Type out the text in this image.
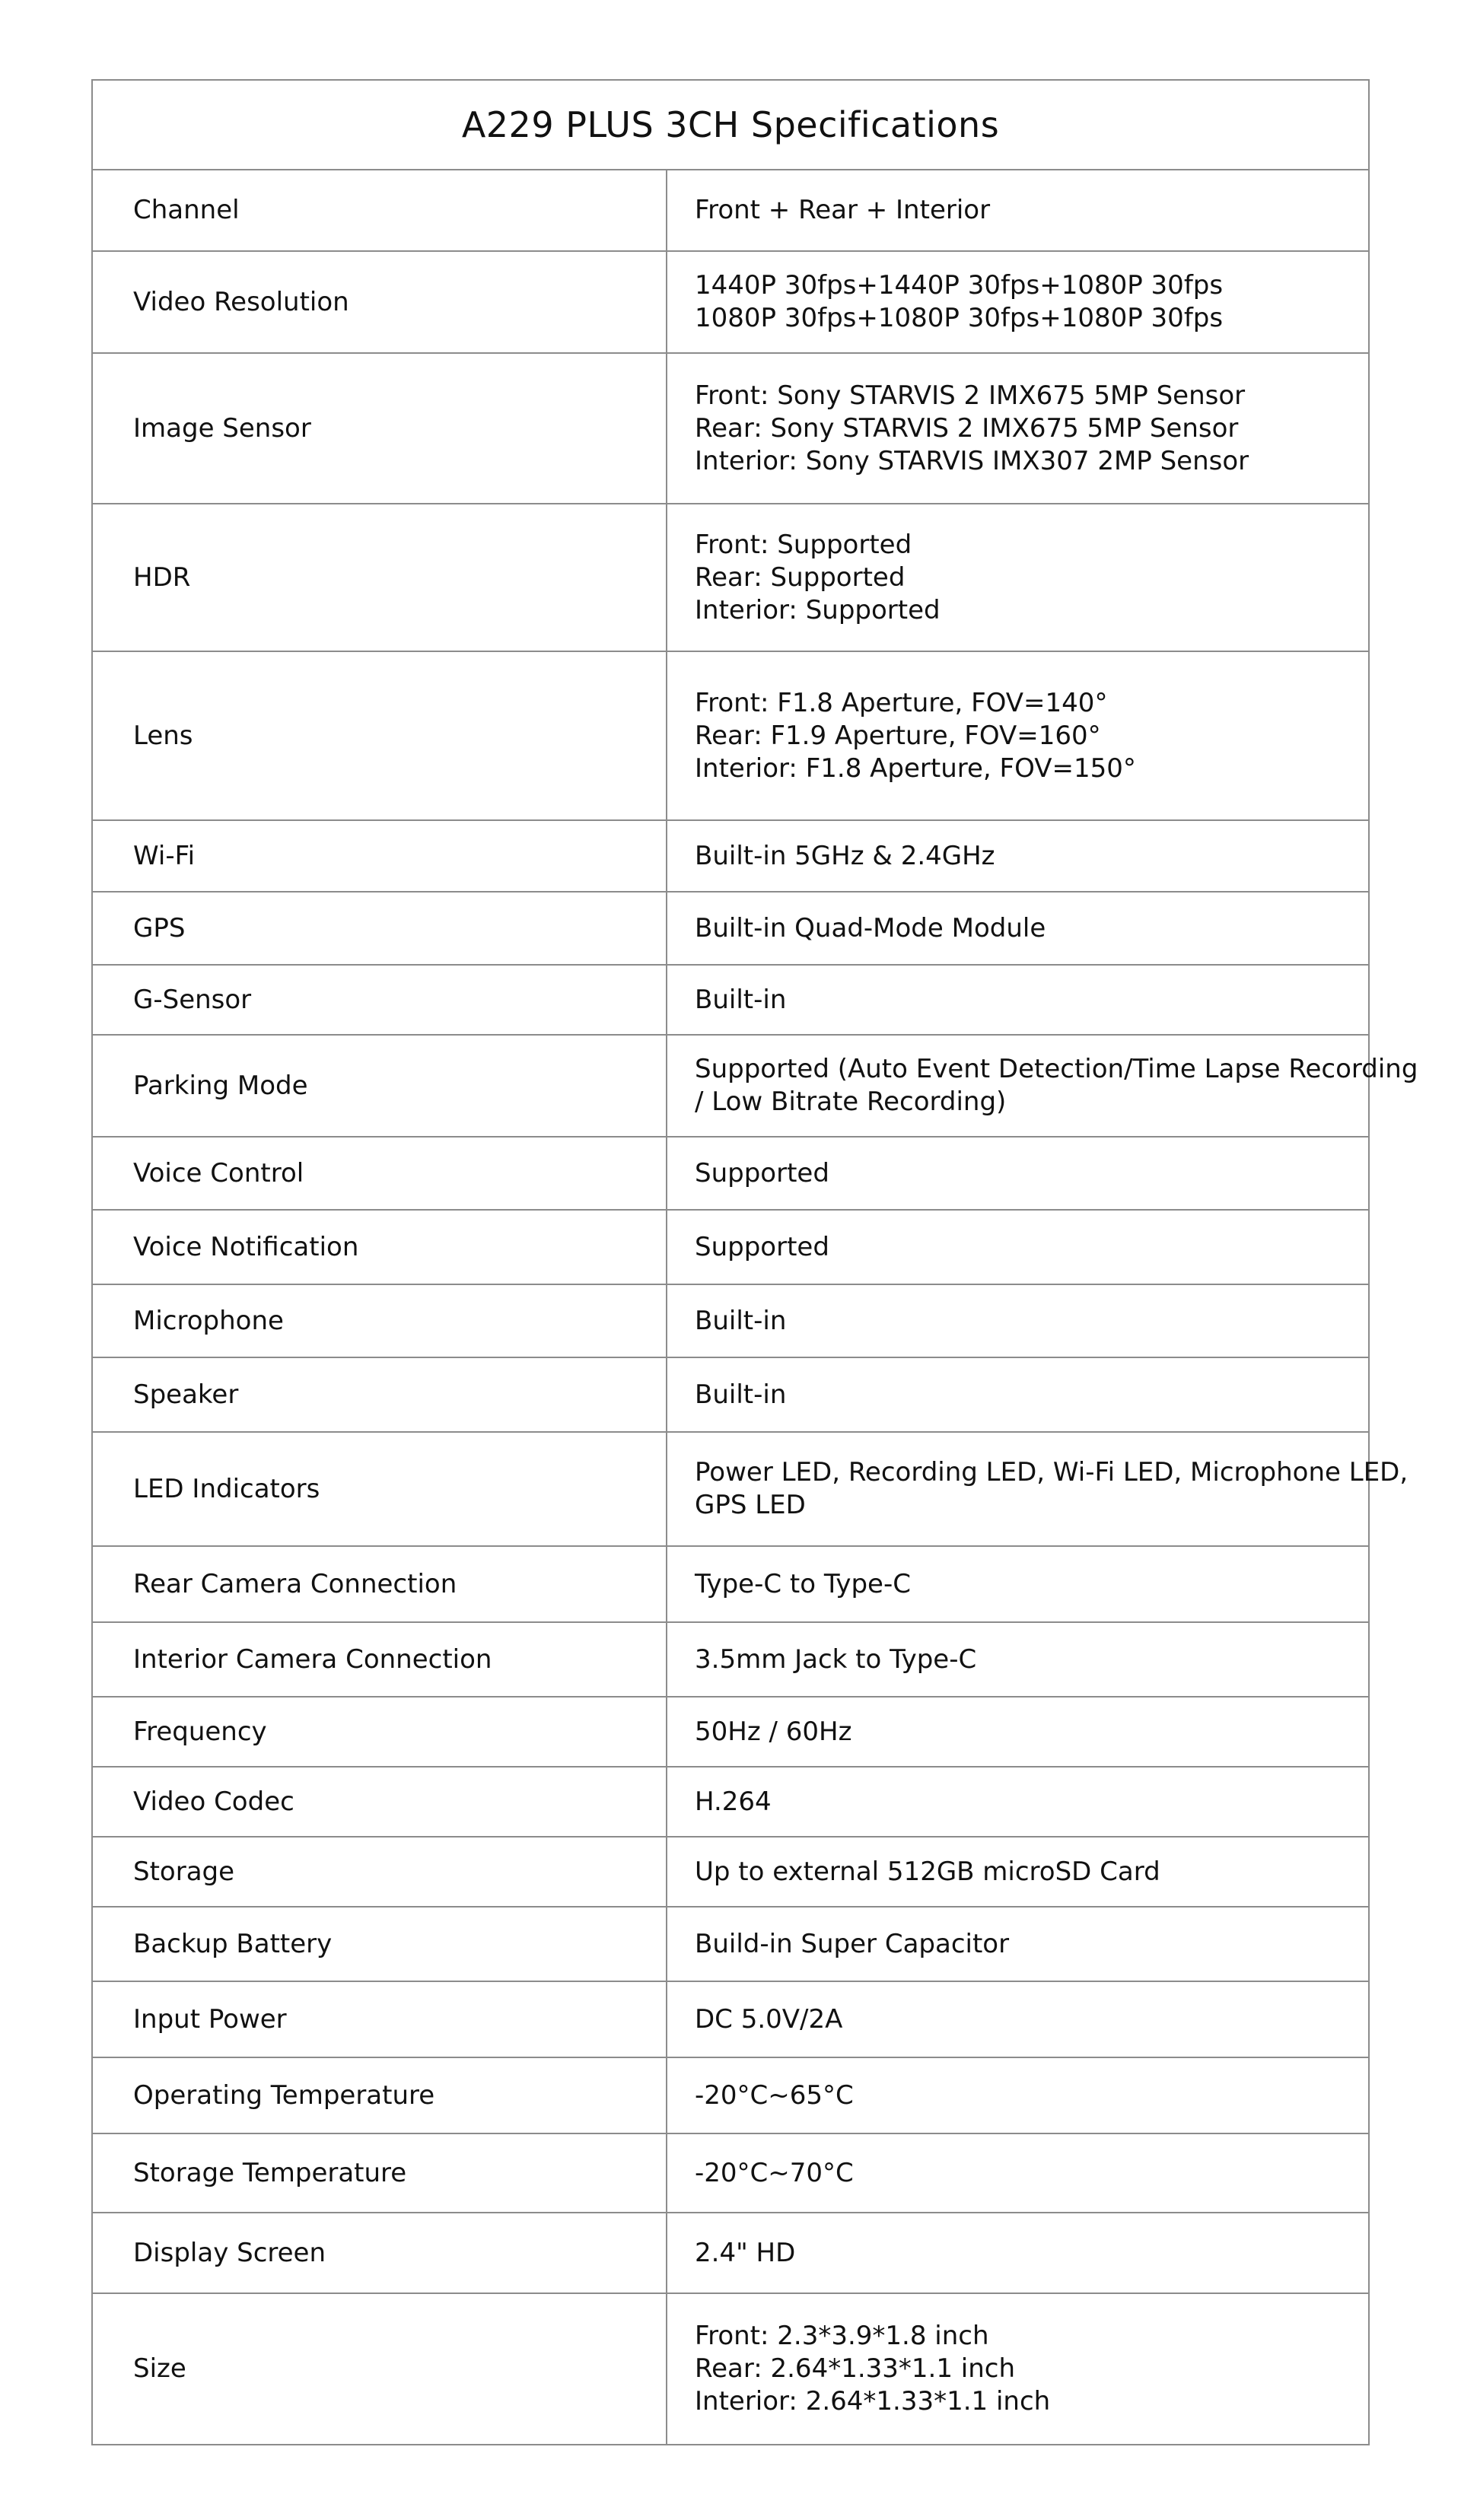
A229 PLUS 3CH Specifications
Channel	Front + Rear + Interior

Video Resolution	1440P 30fps+1440P 30fps+1080P 30fps
1080P 30fps+1080P 30fps+1080P 30fps

Image Sensor	Front: Sony STARVIS 2 IMX675 5MP Sensor
Rear: Sony STARVIS 2 IMX675 5MP Sensor
Interior: Sony STARVIS IMX307 2MP Sensor

HDR	Front: Supported
Rear: Supported
Interior: Supported

Lens	Front: F1.8 Aperture, FOV=140°
Rear: F1.9 Aperture, FOV=160°
Interior: F1.8 Aperture, FOV=150°

Wi-Fi	Built-in 5GHz & 2.4GHz

GPS	Built-in Quad-Mode Module

G-Sensor	Built-in

Parking Mode	Supported (Auto Event Detection/Time Lapse Recording
/ Low Bitrate Recording)

Voice Control	Supported

Voice Notification	Supported

Microphone	Built-in

Speaker	Built-in

LED Indicators	Power LED, Recording LED, Wi-Fi LED, Microphone LED,
GPS LED

Rear Camera Connection	Type-C to Type-C

Interior Camera Connection	3.5mm Jack to Type-C

Frequency	50Hz / 60Hz

Video Codec	H.264

Storage	Up to external 512GB microSD Card

Backup Battery	Build-in Super Capacitor

Input Power	DC 5.0V/2A

Operating Temperature	-20°C~65°C

Storage Temperature	-20°C~70°C

Display Screen	2.4" HD

Size	Front: 2.3*3.9*1.8 inch
Rear: 2.64*1.33*1.1 inch
Interior: 2.64*1.33*1.1 inch
